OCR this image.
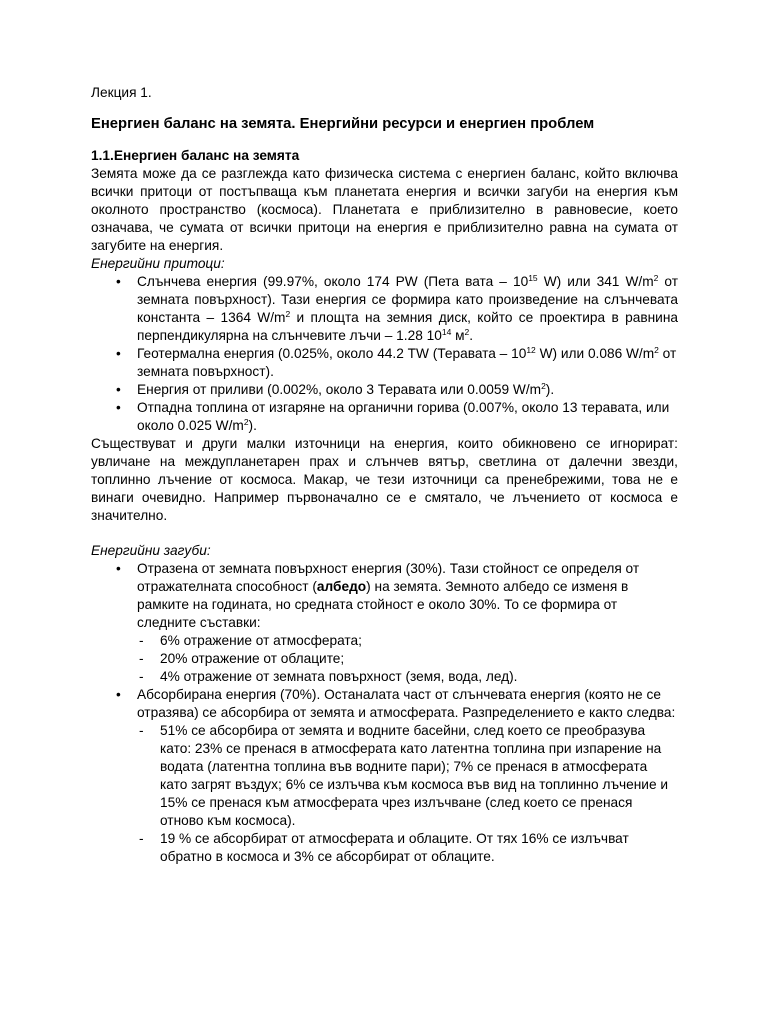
Лекция 1.

Енергиен баланс на земята. Енергийни ресурси и енергиен проблем

1.1.Енергиен баланс на земята

Земята може да се разглежда като физическа система с енергиен баланс, който включва всички притоци от постъпваща към планетата енергия и всички загуби на енергия към околното пространство (космоса). Планетата е приблизително в равновесие, което означава, че сумата от всички притоци на енергия е приблизително равна на сумата от загубите на енергия.

Енергийни притоци:

• Слънчева енергия (99.97%, около 174 PW (Пета вата – $10^{15}$ W) или 341 $W/m^2$ от земната повърхност). Тази енергия се формира като произведение на слънчевата константа – 1364 $W/m^2$ и площта на земния диск, който се проектира в равнина перпендикулярна на слънчевите лъчи – 1.28 $10^{14}$ $м^2$.
• Геотермална енергия (0.025%, около 44.2 TW (Теравата – $10^{12}$ W) или 0.086 $W/m^2$ от земната повърхност).
• Енергия от приливи (0.002%, около 3 Теравата или 0.0059 $W/m^2$).
• Отпадна топлина от изгаряне на органични горива (0.007%, около 13 теравата, или около 0.025 $W/m^2$).

Съществуват и други малки източници на енергия, които обикновено се игнорират: увличане на междупланетарен прах и слънчев вятър, светлина от далечни звезди, топлинно лъчение от космоса. Макар, че тези източници са пренебрежими, това не е винаги очевидно. Например първоначално се е смятало, че лъчението от космоса е значително.

Енергийни загуби:

• Отразена от земната повърхност енергия (30%). Тази стойност се определя от отражателната способност (албедо) на земята. Земното албедо се изменя в рамките на годината, но средната стойност е около 30%. То се формира от следните съставки:
- 6% отражение от атмосферата;
- 20% отражение от облаците;
- 4% отражение от земната повърхност (земя, вода, лед).
• Абсорбирана енергия (70%). Останалата част от слънчевата енергия (която не се отразява) се абсорбира от земята и атмосферата. Разпределението е както следва:
- 51% се абсорбира от земята и водните басейни, след което се преобразува като: 23% се пренася в атмосферата като латентна топлина при изпарение на водата (латентна топлина във водните пари); 7% се пренася в атмосферата като загрят въздух; 6% се излъчва към космоса във вид на топлинно лъчение и 15% се пренася към атмосферата чрез излъчване (след което се пренася отново към космоса).
- 19 % се абсорбират от атмосферата и облаците. От тях 16% се излъчват обратно в космоса и 3% се абсорбират от облаците.
